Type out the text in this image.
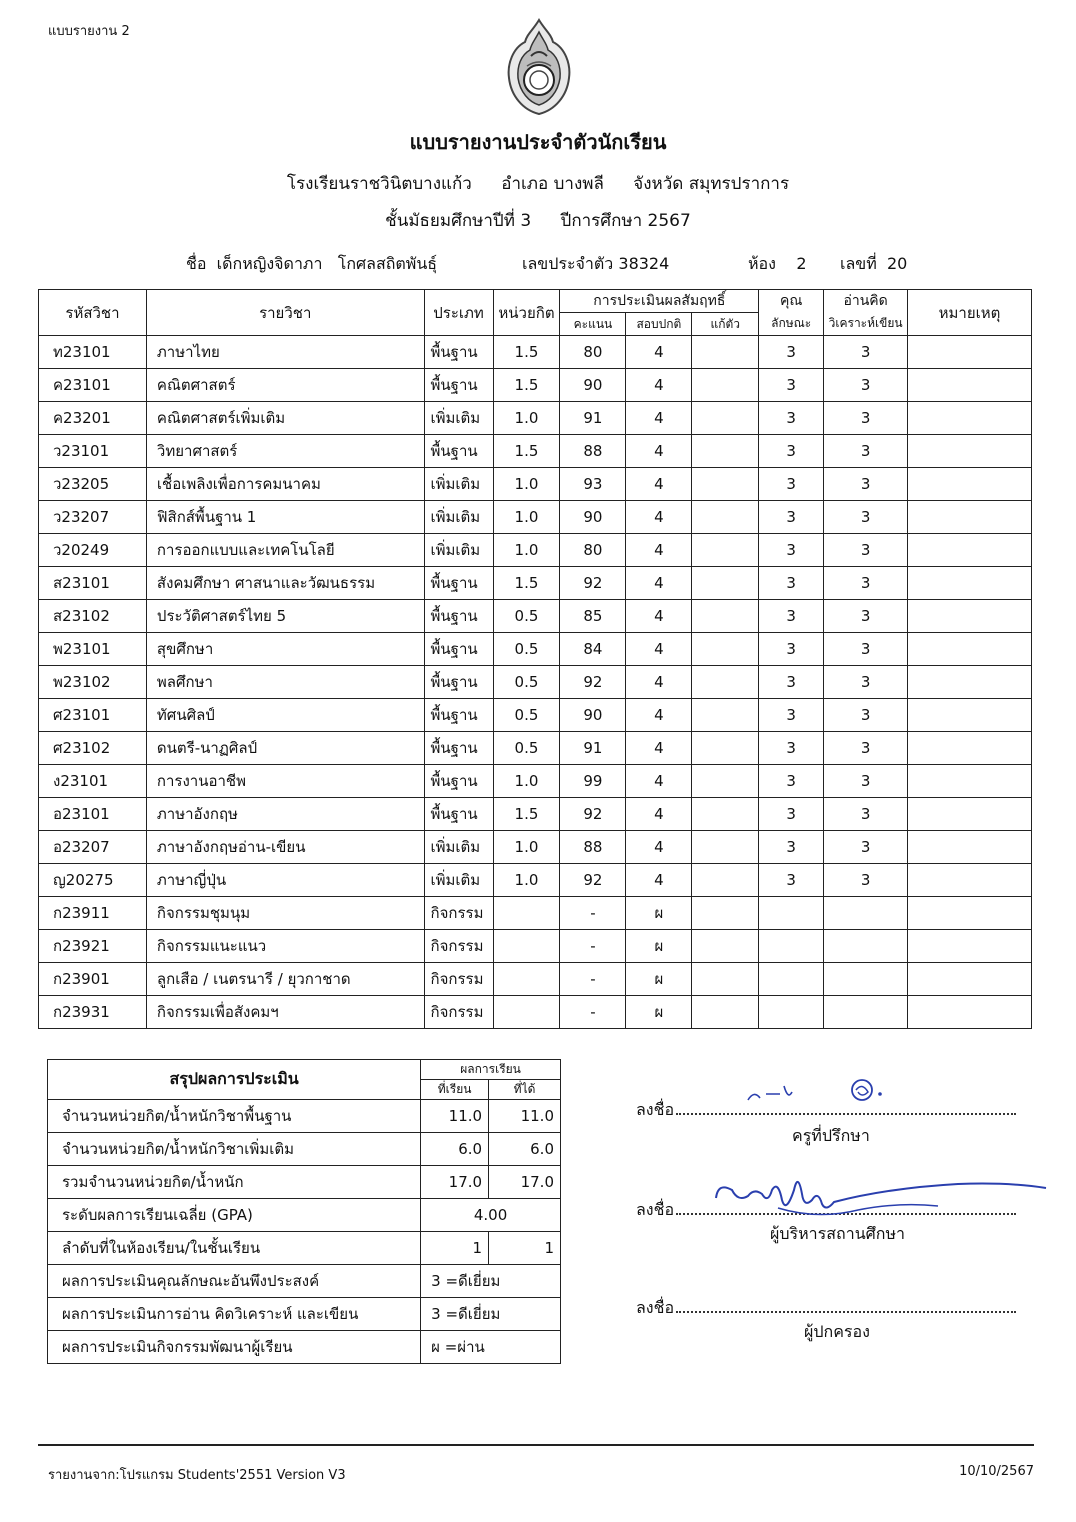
แบบรายงาน 2
แบบรายงานประจำตัวนักเรียน
โรงเรียนราชวินิตบางแก้ว อำเภอ บางพลี จังหวัด สมุทรปราการ
ชั้นมัธยมศึกษาปีที่ 3 ปีการศึกษา 2567
ชื่อ เด็กหญิงจิดาภา   โกศลสถิตพันธุ์	เลขประจำตัว 38324	ห้อง 2 เลขที่ 20
รหัสวิชา	รายวิชา	ประเภท	หน่วยกิต	การประเมินผลสัมฤทธิ์			คุณ	อ่านคิด	หมายเหตุ
				คะแนน	สอบปกติ	แก้ตัว	ลักษณะ	วิเคราะห์เขียน	
ท23101	ภาษาไทย	พื้นฐาน	1.5	80	4		3	3	
ค23101	คณิตศาสตร์	พื้นฐาน	1.5	90	4		3	3	
ค23201	คณิตศาสตร์เพิ่มเติม	เพิ่มเติม	1.0	91	4		3	3	
ว23101	วิทยาศาสตร์	พื้นฐาน	1.5	88	4		3	3	
ว23205	เชื้อเพลิงเพื่อการคมนาคม	เพิ่มเติม	1.0	93	4		3	3	
ว23207	ฟิสิกส์พื้นฐาน 1	เพิ่มเติม	1.0	90	4		3	3	
ว20249	การออกแบบและเทคโนโลยี	เพิ่มเติม	1.0	80	4		3	3	
ส23101	สังคมศึกษา ศาสนาและวัฒนธรรม	พื้นฐาน	1.5	92	4		3	3	
ส23102	ประวัติศาสตร์ไทย 5	พื้นฐาน	0.5	85	4		3	3	
พ23101	สุขศึกษา	พื้นฐาน	0.5	84	4		3	3	
พ23102	พลศึกษา	พื้นฐาน	0.5	92	4		3	3	
ศ23101	ทัศนศิลป์	พื้นฐาน	0.5	90	4		3	3	
ศ23102	ดนตรี-นาฏศิลป์	พื้นฐาน	0.5	91	4		3	3	
ง23101	การงานอาชีพ	พื้นฐาน	1.0	99	4		3	3	
อ23101	ภาษาอังกฤษ	พื้นฐาน	1.5	92	4		3	3	
อ23207	ภาษาอังกฤษอ่าน-เขียน	เพิ่มเติม	1.0	88	4		3	3	
ญ20275	ภาษาญี่ปุ่น	เพิ่มเติม	1.0	92	4		3	3	
ก23911	กิจกรรมชุมนุม	กิจกรรม		-	ผ				
ก23921	กิจกรรมแนะแนว	กิจกรรม		-	ผ				
ก23901	ลูกเสือ / เนตรนารี / ยุวกาชาด	กิจกรรม		-	ผ				
ก23931	กิจกรรมเพื่อสังคมฯ	กิจกรรม		-	ผ				
สรุปผลการประเมิน	ผลการเรียน	
	ที่เรียน	ที่ได้
จำนวนหน่วยกิต/น้ำหนักวิชาพื้นฐาน	11.0	11.0
จำนวนหน่วยกิต/น้ำหนักวิชาเพิ่มเติม	6.0	6.0
รวมจำนวนหน่วยกิต/น้ำหนัก	17.0	17.0
ระดับผลการเรียนเฉลี่ย (GPA)	4.00	
ลำดับที่ในห้องเรียน/ในชั้นเรียน	1	1
ผลการประเมินคุณลักษณะอันพึงประสงค์	3 =ดีเยี่ยม	
ผลการประเมินการอ่าน คิดวิเคราะห์ และเขียน	3 =ดีเยี่ยม	
ผลการประเมินกิจกรรมพัฒนาผู้เรียน	ผ =ผ่าน	
ลงชื่อ
ครูที่ปรึกษา
ลงชื่อ
ผู้บริหารสถานศึกษา
ลงชื่อ
ผู้ปกครอง
รายงานจาก:โปรแกรม Students'2551 Version V3	10/10/2567
